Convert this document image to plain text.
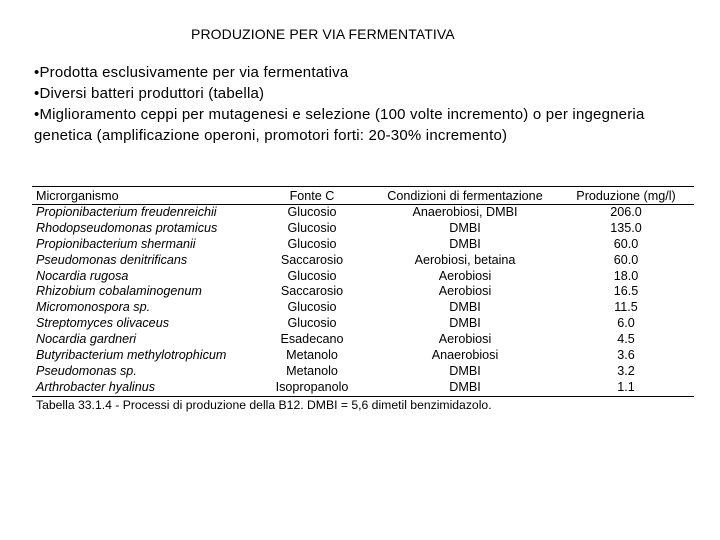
PRODUZIONE PER VIA FERMENTATIVA

•Prodotta esclusivamente per via fermentativa

•Diversi batteri produttori (tabella)

•Miglioramento ceppi per mutagenesi e selezione (100 volte incremento) o per ingegneria genetica (amplificazione operoni, promotori forti: 20-30% incremento)

Microrganismo	Fonte C	Condizioni di fermentazione	Produzione (mg/l)
Propionibacterium freudenreichii	Glucosio	Anaerobiosi, DMBI	206.0
Rhodopseudomonas protamicus	Glucosio	DMBI	135.0
Propionibacterium shermanii	Glucosio	DMBI	60.0
Pseudomonas denitrificans	Saccarosio	Aerobiosi, betaina	60.0
Nocardia rugosa	Glucosio	Aerobiosi	18.0
Rhizobium cobalaminogenum	Saccarosio	Aerobiosi	16.5
Micromonospora sp.	Glucosio	DMBI	11.5
Streptomyces olivaceus	Glucosio	DMBI	6.0
Nocardia gardneri	Esadecano	Aerobiosi	4.5
Butyribacterium methylotrophicum	Metanolo	Anaerobiosi	3.6
Pseudomonas sp.	Metanolo	DMBI	3.2
Arthrobacter hyalinus	Isopropanolo	DMBI	1.1
Tabella 33.1.4 - Processi di produzione della B12. DMBI = 5,6 dimetil benzimidazolo.
